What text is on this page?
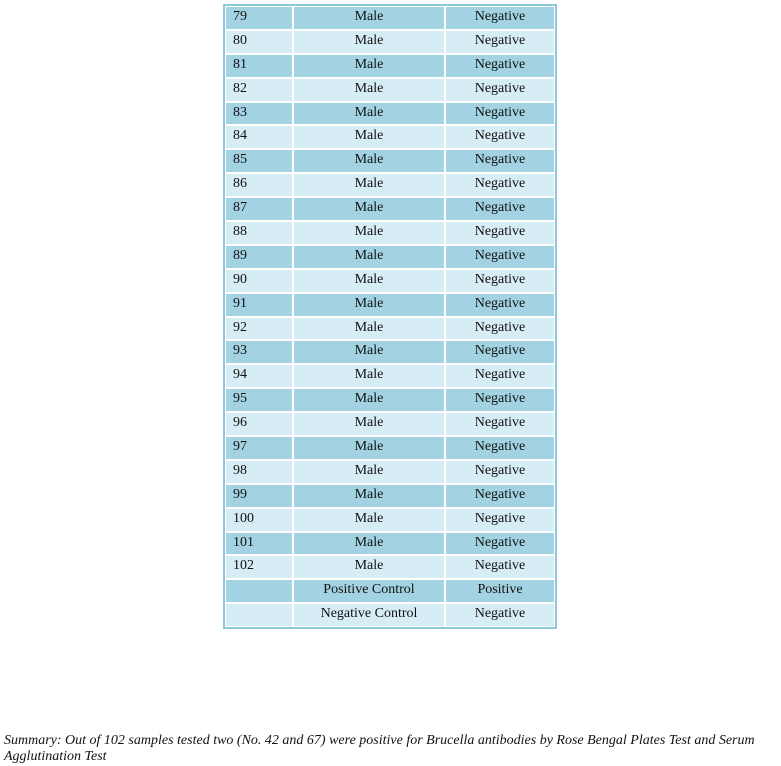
79	Male	Negative
80	Male	Negative
81	Male	Negative
82	Male	Negative
83	Male	Negative
84	Male	Negative
85	Male	Negative
86	Male	Negative
87	Male	Negative
88	Male	Negative
89	Male	Negative
90	Male	Negative
91	Male	Negative
92	Male	Negative
93	Male	Negative
94	Male	Negative
95	Male	Negative
96	Male	Negative
97	Male	Negative
98	Male	Negative
99	Male	Negative
100	Male	Negative
101	Male	Negative
102	Male	Negative
	Positive Control	Positive
	Negative Control	Negative
Summary: Out of 102 samples tested two (No. 42 and 67) were positive for Brucella antibodies by Rose Bengal Plates Test and Serum Agglutination Test
